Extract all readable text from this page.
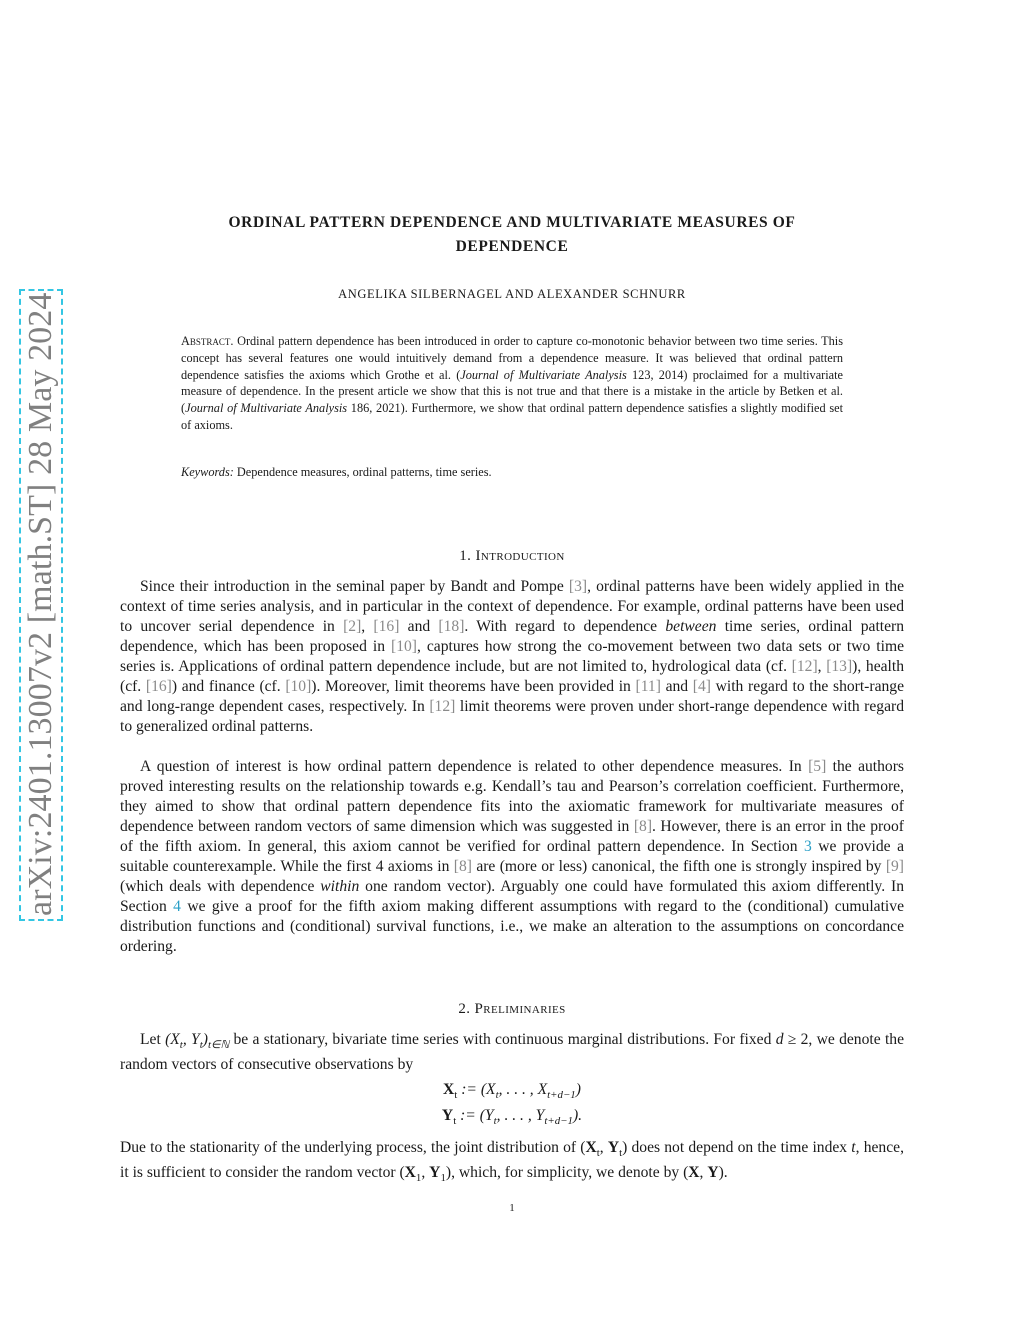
arXiv:2401.13007v2 [math.ST] 28 May 2024
ORDINAL PATTERN DEPENDENCE AND MULTIVARIATE MEASURES OF
DEPENDENCE
ANGELIKA SILBERNAGEL AND ALEXANDER SCHNURR
Abstract. Ordinal pattern dependence has been introduced in order to capture co-monotonic behavior between two time series. This concept has several features one would intuitively demand from a dependence measure. It was believed that ordinal pattern dependence satisfies the axioms which Grothe et al. (Journal of Multivariate Analysis 123, 2014) proclaimed for a multivariate measure of dependence. In the present article we show that this is not true and that there is a mistake in the article by Betken et al. (Journal of Multivariate Analysis 186, 2021). Furthermore, we show that ordinal pattern dependence satisfies a slightly modified set of axioms.
Keywords: Dependence measures, ordinal patterns, time series.
1. Introduction
Since their introduction in the seminal paper by Bandt and Pompe [3], ordinal patterns have been widely applied in the context of time series analysis, and in particular in the context of dependence. For example, ordinal patterns have been used to uncover serial dependence in [2], [16] and [18]. With regard to dependence between time series, ordinal pattern dependence, which has been proposed in [10], captures how strong the co-movement between two data sets or two time series is. Applications of ordinal pattern dependence include, but are not limited to, hydrological data (cf. [12], [13]), health (cf. [16]) and finance (cf. [10]). Moreover, limit theorems have been provided in [11] and [4] with regard to the short-range and long-range dependent cases, respectively. In [12] limit theorems were proven under short-range dependence with regard to generalized ordinal patterns.
A question of interest is how ordinal pattern dependence is related to other dependence measures. In [5] the authors proved interesting results on the relationship towards e.g. Kendall’s tau and Pearson’s correlation coefficient. Furthermore, they aimed to show that ordinal pattern dependence fits into the axiomatic framework for multivariate measures of dependence between random vectors of same dimension which was suggested in [8]. However, there is an error in the proof of the fifth axiom. In general, this axiom cannot be verified for ordinal pattern dependence. In Section 3 we provide a suitable counterexample. While the first 4 axioms in [8] are (more or less) canonical, the fifth one is strongly inspired by [9] (which deals with dependence within one random vector). Arguably one could have formulated this axiom differently. In Section 4 we give a proof for the fifth axiom making different assumptions with regard to the (conditional) cumulative distribution functions and (conditional) survival functions, i.e., we make an alteration to the assumptions on concordance ordering.
2. Preliminaries
Let ($X_t$, $Y_t)_{t\in ℕ}$ be a stationary, bivariate time series with continuous marginal distributions. For fixed d ≥ 2, we denote the random vectors of consecutive observations by
$X_t$ := ($X_t$, . . . , $X_{t+d-1}$)
$Y_t$ := ($Y_t$, . . . , $Y_{t+d-1}$).
Due to the stationarity of the underlying process, the joint distribution of ($X_t$, $Y_t$) does not depend on the time index t, hence, it is sufficient to consider the random vector ($X_1$, $Y_1$), which, for simplicity, we denote by (X, Y).
1
